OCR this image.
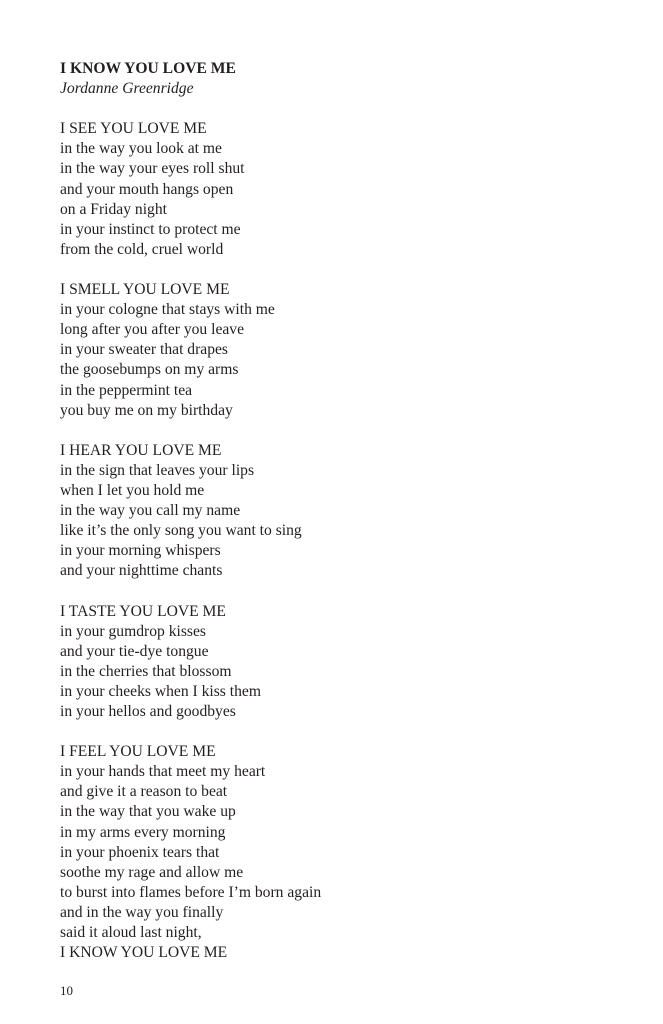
I KNOW YOU LOVE ME
Jordanne Greenridge
I SEE YOU LOVE ME
in the way you look at me
in the way your eyes roll shut
and your mouth hangs open
on a Friday night
in your instinct to protect me
from the cold, cruel world
I SMELL YOU LOVE ME
in your cologne that stays with me
long after you after you leave
in your sweater that drapes
the goosebumps on my arms
in the peppermint tea
you buy me on my birthday
I HEAR YOU LOVE ME
in the sign that leaves your lips
when I let you hold me
in the way you call my name
like it’s the only song you want to sing
in your morning whispers
and your nighttime chants
I TASTE YOU LOVE ME
in your gumdrop kisses
and your tie-dye tongue
in the cherries that blossom
in your cheeks when I kiss them
in your hellos and goodbyes
I FEEL YOU LOVE ME
in your hands that meet my heart
and give it a reason to beat
in the way that you wake up
in my arms every morning
in your phoenix tears that
soothe my rage and allow me
to burst into flames before I’m born again
and in the way you finally
said it aloud last night,
I KNOW YOU LOVE ME
10
